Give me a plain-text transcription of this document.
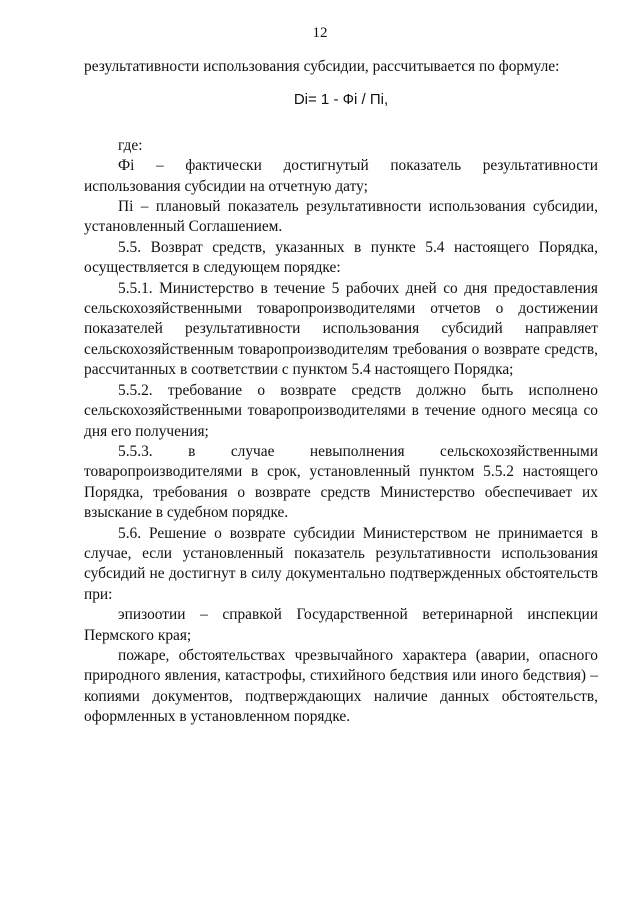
12

результативности использования субсидии, рассчитывается по формуле:

Di= 1 - Фi / Пi,

где:

Фi – фактически достигнутый показатель результативности использования субсидии на отчетную дату;

Пi – плановый показатель результативности использования субсидии, установленный Соглашением.

5.5. Возврат средств, указанных в пункте 5.4 настоящего Порядка, осуществляется в следующем порядке:

5.5.1. Министерство в течение 5 рабочих дней со дня предоставления сельскохозяйственными товаропроизводителями отчетов о достижении показателей результативности использования субсидий направляет сельскохозяйственным товаропроизводителям требования о возврате средств, рассчитанных в соответствии с пунктом 5.4 настоящего Порядка;

5.5.2. требование о возврате средств должно быть исполнено сельскохозяйственными товаропроизводителями в течение одного месяца со дня его получения;

5.5.3. в случае невыполнения сельскохозяйственными товаропроизводителями в срок, установленный пунктом 5.5.2 настоящего Порядка, требования о возврате средств Министерство обеспечивает их взыскание в судебном порядке.

5.6. Решение о возврате субсидии Министерством не принимается в случае, если установленный показатель результативности использования субсидий не достигнут в силу документально подтвержденных обстоятельств при:

эпизоотии – справкой Государственной ветеринарной инспекции Пермского края;

пожаре, обстоятельствах чрезвычайного характера (аварии, опасного природного явления, катастрофы, стихийного бедствия или иного бедствия) – копиями документов, подтверждающих наличие данных обстоятельств, оформленных в установленном порядке.
